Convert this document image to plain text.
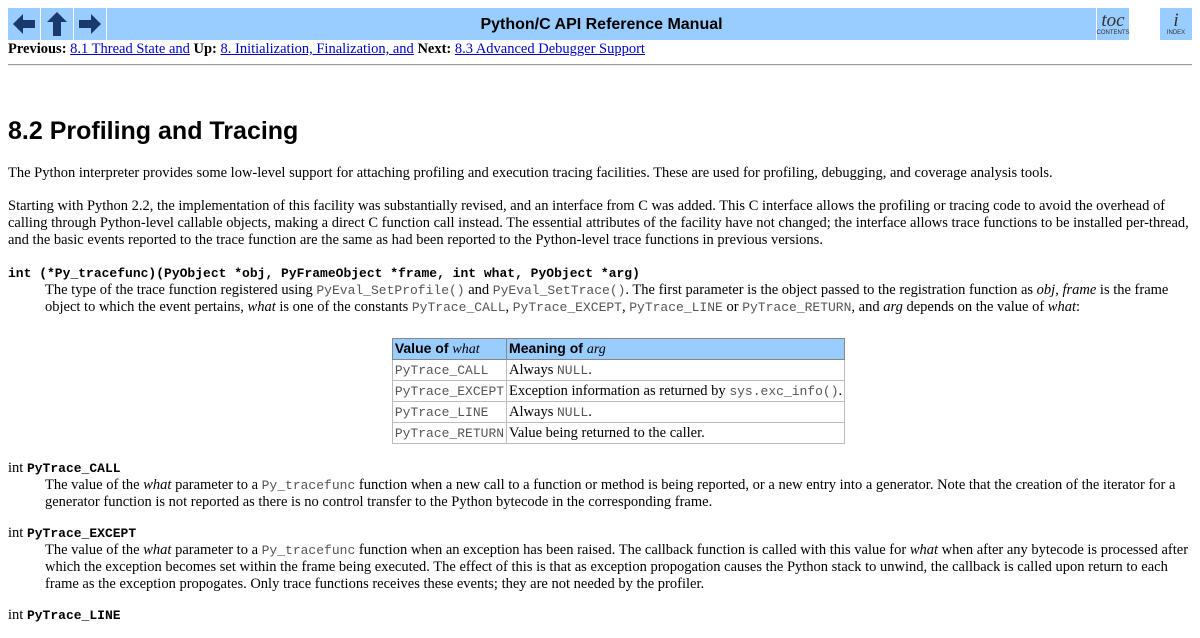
Python/C API Reference Manual	toc
CONTENTS
i
INDEX
Previous: 8.1 Thread State and Up: 8. Initialization, Finalization, and Next: 8.3 Advanced Debugger Support
8.2 Profiling and Tracing

The Python interpreter provides some low-level support for attaching profiling and execution tracing facilities. These are used for profiling, debugging, and coverage analysis tools.

Starting with Python 2.2, the implementation of this facility was substantially revised, and an interface from C was added. This C interface allows the profiling or tracing code to avoid the overhead of calling through Python-level callable objects, making a direct C function call instead. The essential attributes of the facility have not changed; the interface allows trace functions to be installed per-thread, and the basic events reported to the trace function are the same as had been reported to the Python-level trace functions in previous versions.

int (*Py_tracefunc)(PyObject *obj, PyFrameObject *frame, int what, PyObject *arg)
The type of the trace function registered using PyEval_SetProfile() and PyEval_SetTrace(). The first parameter is the object passed to the registration function as obj, frame is the frame object to which the event pertains, what is one of the constants PyTrace_CALL, PyTrace_EXCEPT, PyTrace_LINE or PyTrace_RETURN, and arg depends on the value of what:
Value of what	Meaning of arg
PyTrace_CALL	Always NULL.
PyTrace_EXCEPT	Exception information as returned by sys.exc_info().
PyTrace_LINE	Always NULL.
PyTrace_RETURN	Value being returned to the caller.
int PyTrace_CALL
The value of the what parameter to a Py_tracefunc function when a new call to a function or method is being reported, or a new entry into a generator. Note that the creation of the iterator for a generator function is not reported as there is no control transfer to the Python bytecode in the corresponding frame.
int PyTrace_EXCEPT
The value of the what parameter to a Py_tracefunc function when an exception has been raised. The callback function is called with this value for what when after any bytecode is processed after which the exception becomes set within the frame being executed. The effect of this is that as exception propogation causes the Python stack to unwind, the callback is called upon return to each frame as the exception propogates. Only trace functions receives these events; they are not needed by the profiler.
int PyTrace_LINE
